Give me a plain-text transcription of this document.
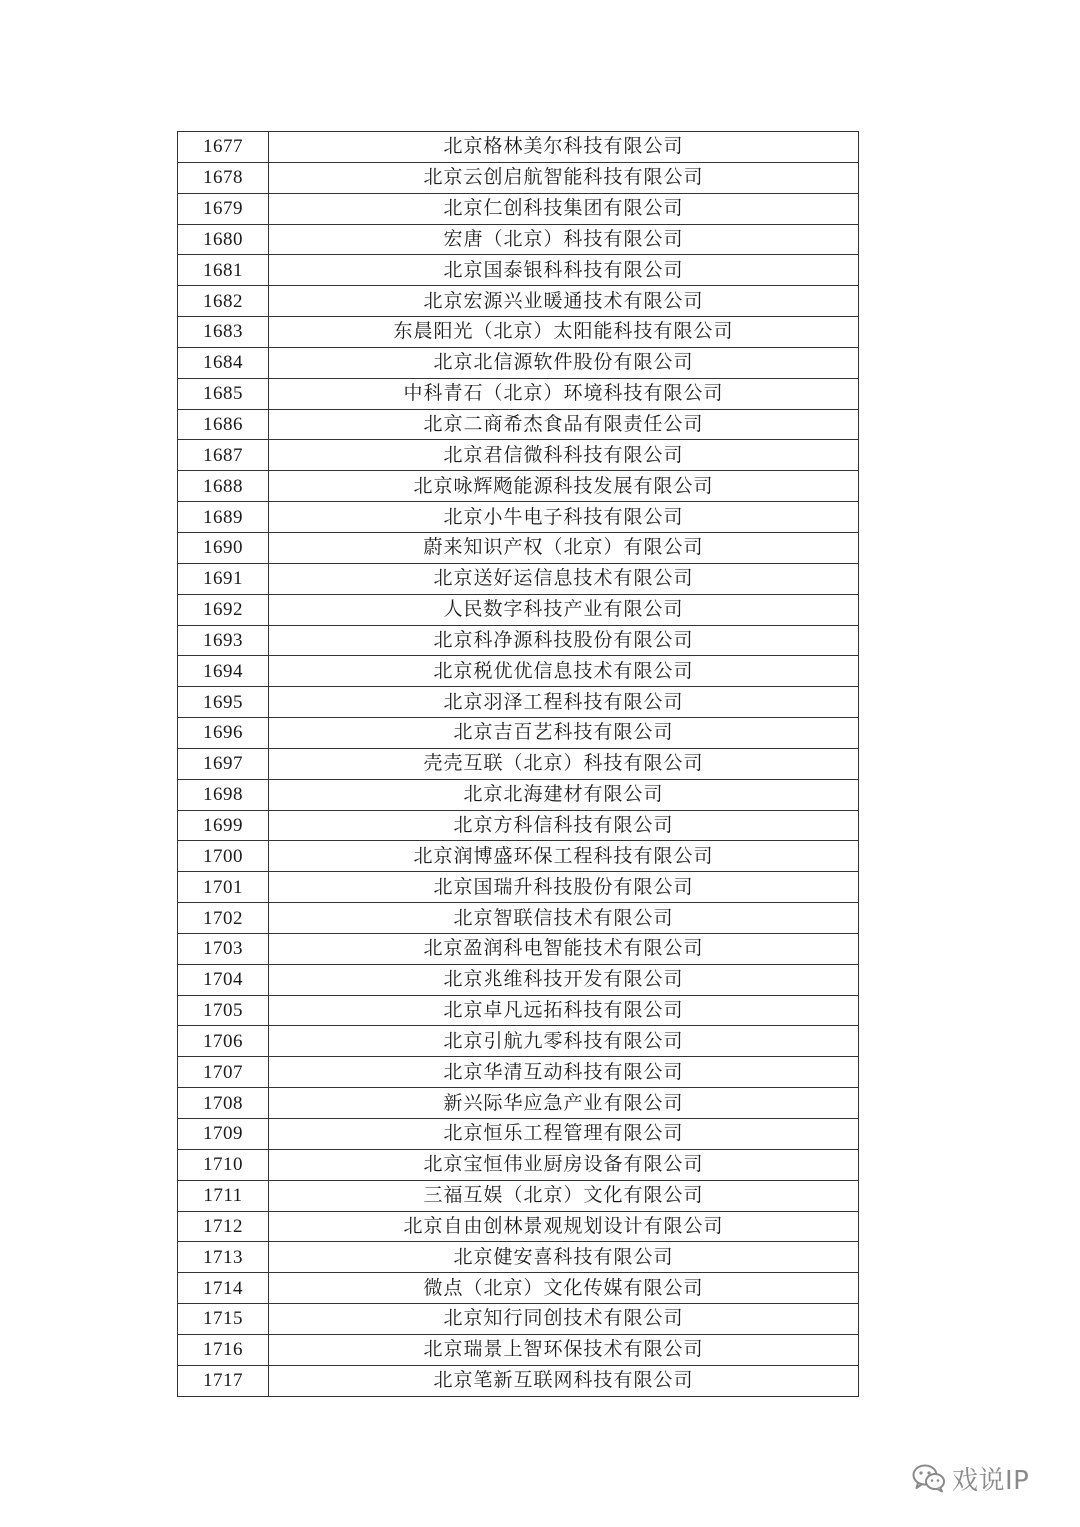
1677	北京格林美尔科技有限公司
1678	北京云创启航智能科技有限公司
1679	北京仁创科技集团有限公司
1680	宏唐（北京）科技有限公司
1681	北京国泰银科科技有限公司
1682	北京宏源兴业暖通技术有限公司
1683	东晨阳光（北京）太阳能科技有限公司
1684	北京北信源软件股份有限公司
1685	中科青石（北京）环境科技有限公司
1686	北京二商希杰食品有限责任公司
1687	北京君信微科科技有限公司
1688	北京咏辉飏能源科技发展有限公司
1689	北京小牛电子科技有限公司
1690	蔚来知识产权（北京）有限公司
1691	北京送好运信息技术有限公司
1692	人民数字科技产业有限公司
1693	北京科净源科技股份有限公司
1694	北京税优优信息技术有限公司
1695	北京羽泽工程科技有限公司
1696	北京吉百艺科技有限公司
1697	壳壳互联（北京）科技有限公司
1698	北京北海建材有限公司
1699	北京方科信科技有限公司
1700	北京润博盛环保工程科技有限公司
1701	北京国瑞升科技股份有限公司
1702	北京智联信技术有限公司
1703	北京盈润科电智能技术有限公司
1704	北京兆维科技开发有限公司
1705	北京卓凡远拓科技有限公司
1706	北京引航九零科技有限公司
1707	北京华清互动科技有限公司
1708	新兴际华应急产业有限公司
1709	北京恒乐工程管理有限公司
1710	北京宝恒伟业厨房设备有限公司
1711	三福互娱（北京）文化有限公司
1712	北京自由创林景观规划设计有限公司
1713	北京健安喜科技有限公司
1714	微点（北京）文化传媒有限公司
1715	北京知行同创技术有限公司
1716	北京瑞景上智环保技术有限公司
1717	北京笔新互联网科技有限公司
戏说IP
